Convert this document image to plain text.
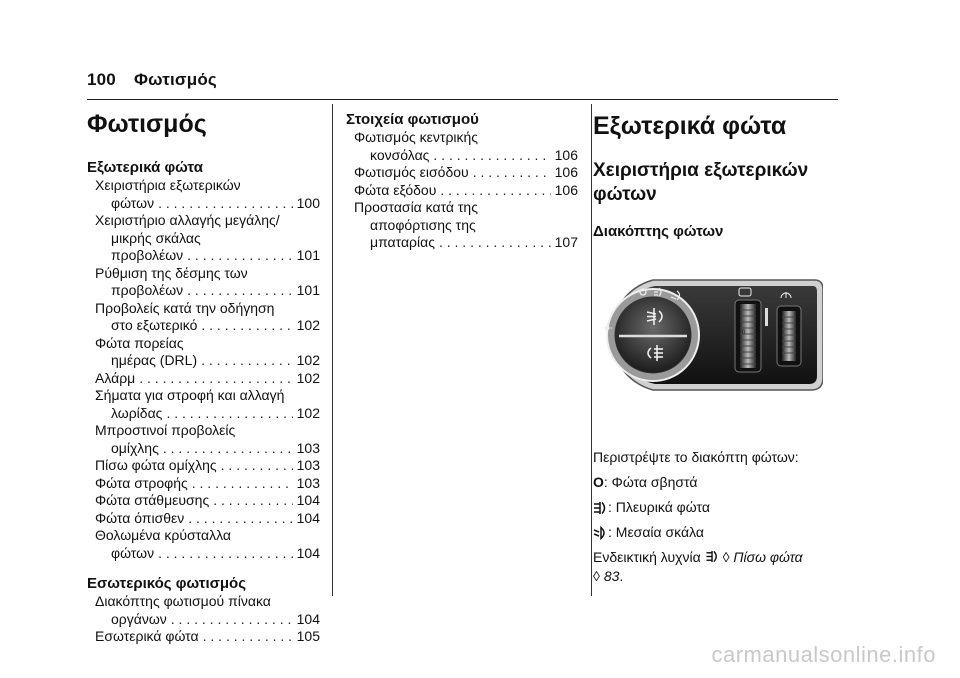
100 Φωτισμός
Φωτισμός
Εξωτερικά φώτα
Χειριστήρια εξωτερικών
φώτων . . .	100
Χειριστήριο αλλαγής μεγάλης/
μικρής σκάλας
προβολέων . . .	101
Ρύθμιση της δέσμης των
προβολέων . . .	101
Προβολείς κατά την οδήγηση
στο εξωτερικό . . .	102
Φώτα πορείας
ημέρας (DRL) . . .	102
Αλάρμ . . .	102
Σήματα για στροφή και αλλαγή
λωρίδας . . .	102
Μπροστινοί προβολείς
ομίχλης . . .	103
Πίσω φώτα ομίχλης . . .	103
Φώτα στροφής . . .	103
Φώτα στάθμευσης . . .	104
Φώτα όπισθεν . . .	104
Θολωμένα κρύσταλλα
φώτων . . .	104
Εσωτερικός φωτισμός
Διακόπτης φωτισμού πίνακα
οργάνων . . .	104
Εσωτερικά φώτα . . .	105
Στοιχεία φωτισμού
Φωτισμός κεντρικής
κονσόλας . . .	106
Φωτισμός εισόδου . . .	106
Φώτα εξόδου . . .	106
Προστασία κατά της
αποφόρτισης της
μπαταρίας . . .	107
Εξωτερικά φώτα
Χειριστήρια εξωτερικών φώτων
Διακόπτης φώτων
0
Περιστρέψτε το διακόπτη φώτων:
O : Φώτα σβηστά
: Πλευρικά φώτα
: Μεσαία σκάλα
Ενδεικτική λυχνία ◊ Πίσω φώτα
◊ 83.
carmanualsonline.info
